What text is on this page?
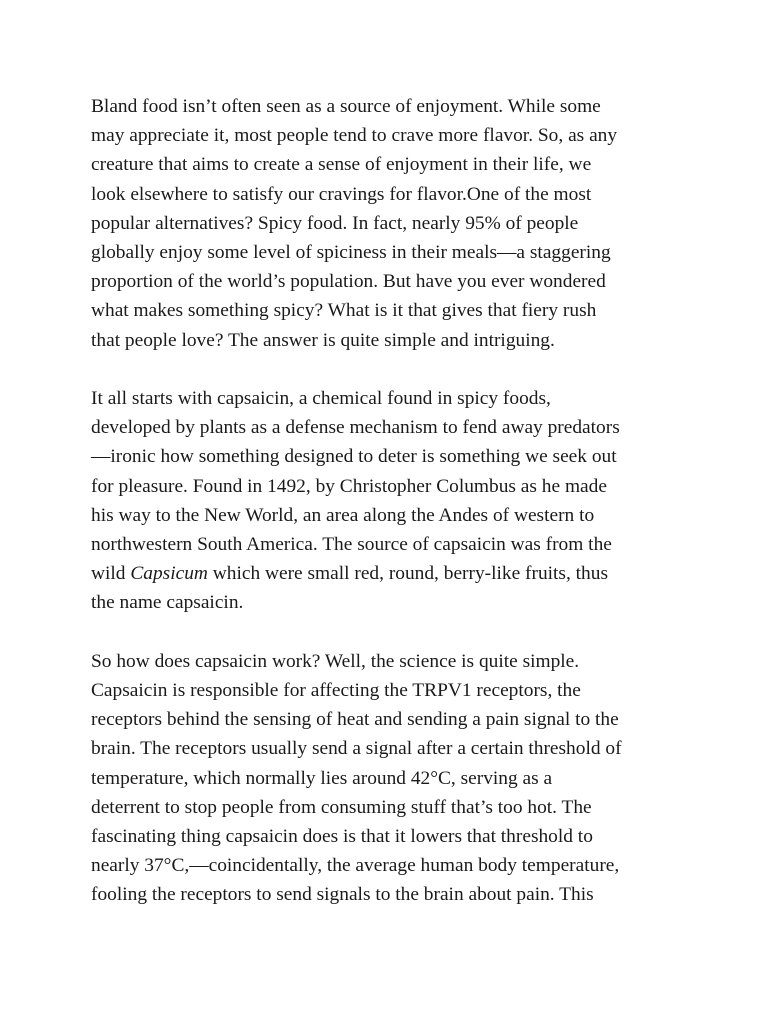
Bland food isn’t often seen as a source of enjoyment. While some
may appreciate it, most people tend to crave more flavor. So, as any
creature that aims to create a sense of enjoyment in their life, we
look elsewhere to satisfy our cravings for flavor.One of the most
popular alternatives? Spicy food. In fact, nearly 95% of people
globally enjoy some level of spiciness in their meals—a staggering
proportion of the world’s population. But have you ever wondered
what makes something spicy? What is it that gives that fiery rush
that people love? The answer is quite simple and intriguing.

It all starts with capsaicin, a chemical found in spicy foods,
developed by plants as a defense mechanism to fend away predators
—ironic how something designed to deter is something we seek out
for pleasure. Found in 1492, by Christopher Columbus as he made
his way to the New World, an area along the Andes of western to
northwestern South America. The source of capsaicin was from the
wild Capsicum which were small red, round, berry-like fruits, thus
the name capsaicin.

So how does capsaicin work? Well, the science is quite simple.
Capsaicin is responsible for affecting the TRPV1 receptors, the
receptors behind the sensing of heat and sending a pain signal to the
brain. The receptors usually send a signal after a certain threshold of
temperature, which normally lies around 42°C, serving as a
deterrent to stop people from consuming stuff that’s too hot. The
fascinating thing capsaicin does is that it lowers that threshold to
nearly 37°C,—coincidentally, the average human body temperature,
fooling the receptors to send signals to the brain about pain. This
